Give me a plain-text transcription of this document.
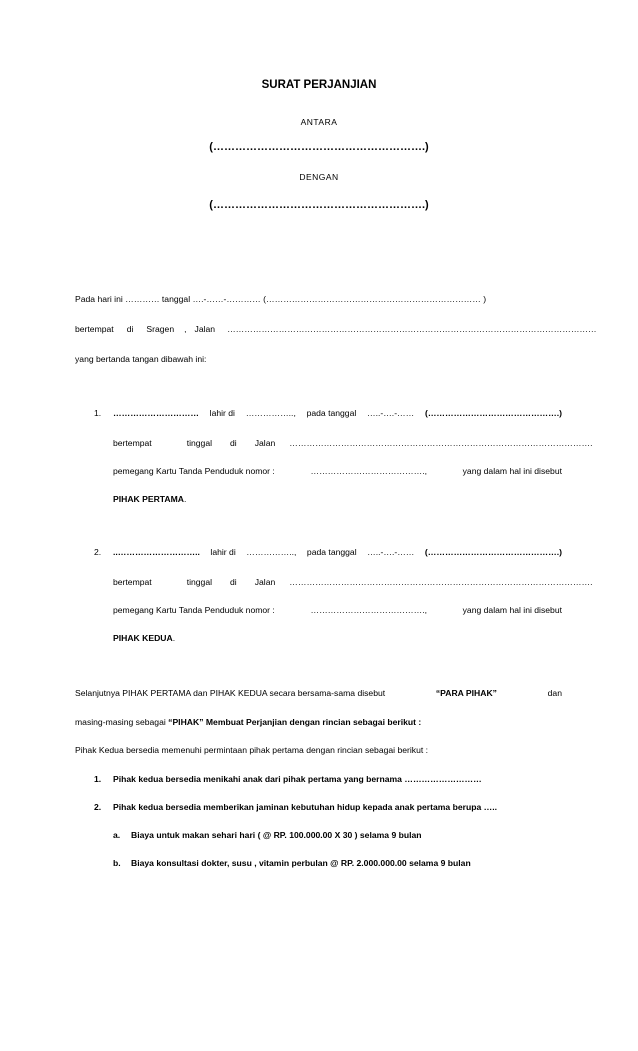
SURAT PERJANJIAN
ANTARA
(………………………………………………….)
DENGAN
(………………………………………………….)
Pada hari ini ………… tanggal ….-……-………… (………………………………………………………………… )
bertempat di Sragen , Jalan …………………………………………………………………………………………………………………
yang bertanda tangan dibawah ini:
1. ………………………… lahir di …………….., pada tanggal …..-….-…… (……………………………………….)
bertempat	tinggal di Jalan …………………………………………………………………………………………….
pemegang Kartu Tanda Penduduk nomor :	………………………………….,	yang dalam hal ini disebut
PIHAK PERTAMA.
2. ..……………………….. lahir di …………….., pada tanggal …..-….-…… (……………………………………….)
bertempat	tinggal di Jalan …………………………………………………………………………………………….
pemegang Kartu Tanda Penduduk nomor :	………………………………….,	yang dalam hal ini disebut
PIHAK KEDUA.
Selanjutnya PIHAK PERTAMA dan PIHAK KEDUA secara bersama-sama disebut	“PARA PIHAK”	dan
masing-masing sebagai “PIHAK” Membuat Perjanjian dengan rincian sebagai berikut :
Pihak Kedua bersedia memenuhi permintaan pihak pertama dengan rincian sebagai berikut :
1. Pihak kedua bersedia menikahi anak dari pihak pertama yang bernama ………………………
2. Pihak kedua bersedia memberikan jaminan kebutuhan hidup kepada anak pertama berupa …..
a. Biaya untuk makan sehari hari ( @ RP. 100.000.00 X 30 ) selama 9 bulan
b. Biaya konsultasi dokter, susu , vitamin perbulan @ RP. 2.000.000.00 selama 9 bulan
